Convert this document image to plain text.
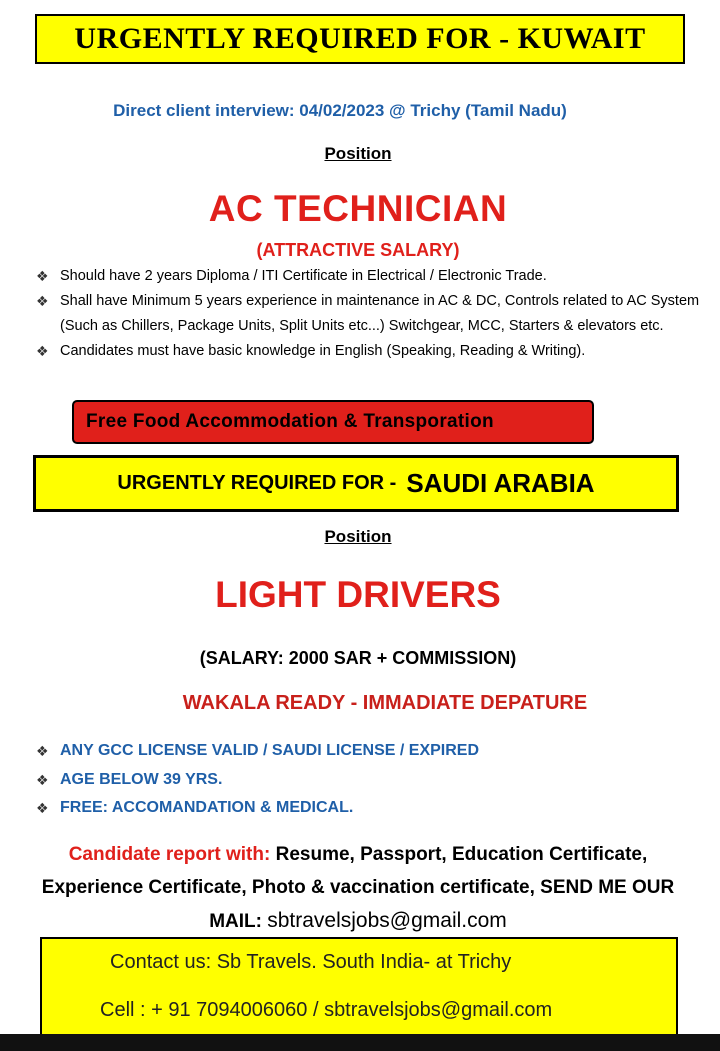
URGENTLY REQUIRED FOR - KUWAIT
Direct client interview: 04/02/2023 @ Trichy (Tamil Nadu)
Position
AC TECHNICIAN
(ATTRACTIVE SALARY)
❖ Should have 2 years Diploma / ITI Certificate in Electrical / Electronic Trade.
❖ Shall have Minimum 5 years experience in maintenance in AC & DC, Controls related to AC System (Such as Chillers, Package Units, Split Units etc...) Switchgear, MCC, Starters & elevators etc.
❖ Candidates must have basic knowledge in English (Speaking, Reading & Writing).
Free Food Accommodation & Transporation
URGENTLY REQUIRED FOR - SAUDI ARABIA
Position
LIGHT DRIVERS
(SALARY: 2000 SAR + COMMISSION)
WAKALA READY - IMMADIATE DEPATURE
❖ ANY GCC LICENSE VALID / SAUDI LICENSE / EXPIRED
❖ AGE BELOW 39 YRS.
❖ FREE: ACCOMANDATION & MEDICAL.
Candidate report with: Resume, Passport, Education Certificate,
Experience Certificate, Photo & vaccination certificate, SEND ME OUR
MAIL: sbtravelsjobs@gmail.com
Contact us: Sb Travels. South India- at Trichy
Cell : + 91 7094006060 / sbtravelsjobs@gmail.com
